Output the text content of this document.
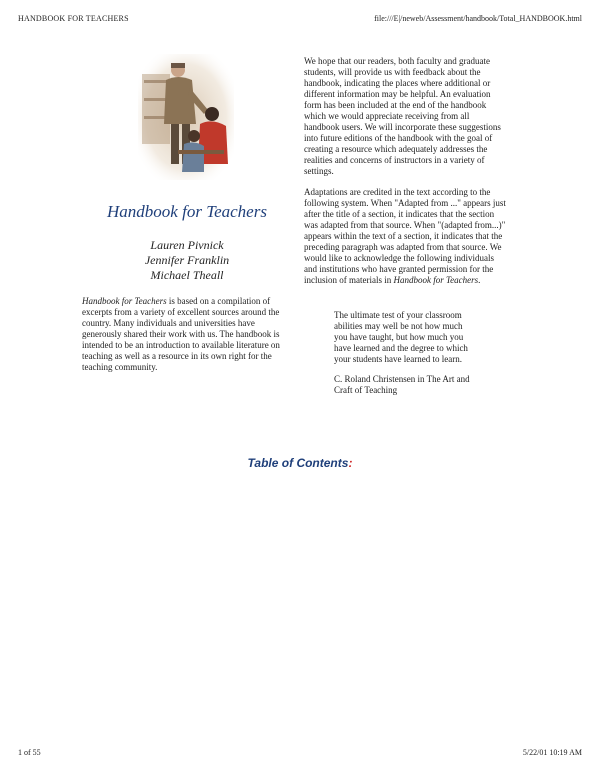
HANDBOOK FOR TEACHERS	file:///E|/neweb/Assessment/handbook/Total_HANDBOOK.html
Handbook for Teachers
Lauren Pivnick
Jennifer Franklin
Michael Theall
Handbook for Teachers is based on a compilation of excerpts from a variety of excellent sources around the country. Many individuals and universities have generously shared their work with us. The handbook is intended to be an introduction to available literature on teaching as well as a resource in its own right for the teaching community.

We hope that our readers, both faculty and graduate students, will provide us with feedback about the handbook, indicating the places where additional or different information may be helpful. An evaluation form has been included at the end of the handbook which we would appreciate receiving from all handbook users. We will incorporate these suggestions into future editions of the handbook with the goal of creating a resource which adequately addresses the realities and concerns of instructors in a variety of settings.

Adaptations are credited in the text according to the following system. When "Adapted from ..." appears just after the title of a section, it indicates that the section was adapted from that source. When "(adapted from...)" appears within the text of a section, it indicates that the preceding paragraph was adapted from that source. We would like to acknowledge the following individuals and institutions who have granted permission for the inclusion of materials in Handbook for Teachers.

The ultimate test of your classroom
abilities may well be not how much
you have taught, but how much you
have learned and the degree to which
your students have learned to learn.

C. Roland Christensen in The Art and
Craft of Teaching

Table of Contents:
1 of 55	5/22/01 10:19 AM
